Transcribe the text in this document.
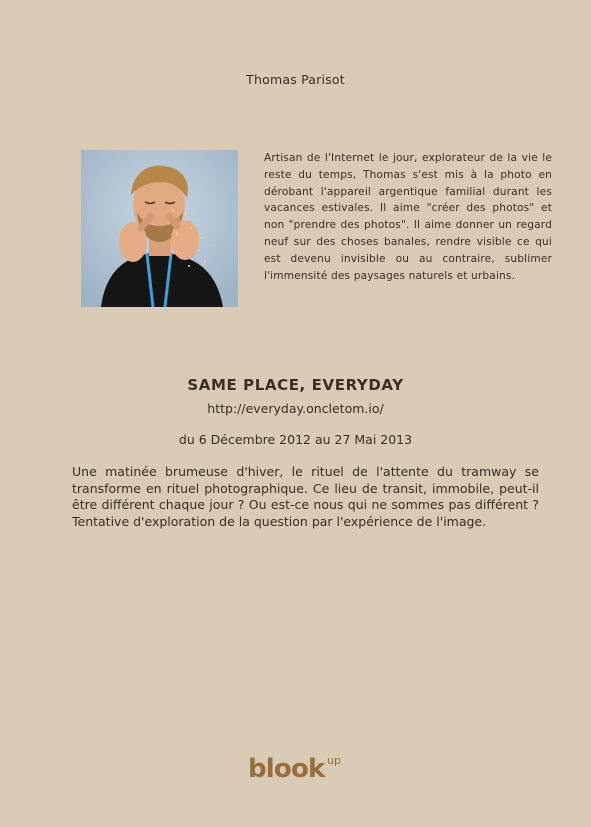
Thomas Parisot

Artisan de l'Internet le jour, explorateur de la vie le reste du temps, Thomas s'est mis à la photo en dérobant l'appareil argentique familial durant les vacances estivales. Il aime "créer des photos" et non "prendre des photos". Il aime donner un regard neuf sur des choses banales, rendre visible ce qui est devenu invisible ou au contraire, sublimer l'immensité des paysages naturels et urbains.

SAME PLACE, EVERYDAY
http://everyday.oncletom.io/
du 6 Décembre 2012 au 27 Mai 2013

Une matinée brumeuse d'hiver, le rituel de l'attente du tramway se transforme en rituel photographique. Ce lieu de transit, immobile, peut-il être différent chaque jour ? Ou est-ce nous qui ne sommes pas différent ? Tentative d'exploration de la question par l'expérience de l'image.

blook up
